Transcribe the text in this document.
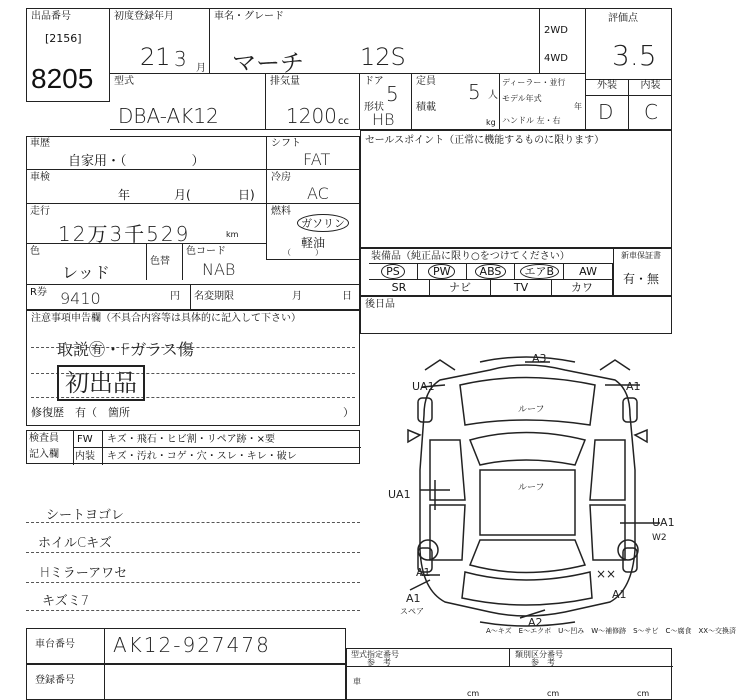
出品番号
[2156]
8205
初度登録年月
21 3 月
車名・グレード
マーチ 12S
2WD
4WD
評価点
3.5
型式
DBA-AK12
排気量
1200 cc
ドア
5
形状
HB
定員 5 人
積載
kg
ディーラー・並行
モデル年式
年
ハンドル 左・右
外装	内装
D C
車歴
自家用・（　　　　　）
シフト
FAT
車検
年	月(	日)
冷房
AC
走行
12万3千529	km
燃料
ガソリン
軽油
（　　　）
色
レッド
色替
色コード
NAB
R券 9410	円 名変期限	月	日
セールスポイント（正常に機能するものに限ります）
装備品（純正品に限り○をつけてください）	新車保証書
有・無
PS	PW	ABS	エアB	AW
SR	ナビ	TV	カワ
後日品
注意事項申告欄（不具合内容等は具体的に記入して下さい）
取説㊒・Fガラス傷
初出品
修復歴　有（　箇所	）
検査員
記入欄
FW キズ・飛石・ヒビ割・リペア跡・×要
内装 キズ・汚れ・コゲ・穴・スレ・キレ・破レ
シートヨゴレ
ホイルCキズ
Hミラーアワセ
キズミ7
A3
UA1	A1
A1
UA1
UA1
W2
A1	A1
A2
スペア
ルーフ
ルーフ
××
A～キズ　E～エクボ　U～凹み　W～補修跡　S～サビ　C～腐食　XX～交換済
車台番号 AK12-927478
登録番号
型式指定番号
参　考
類別区分番号
参　考
車
cm	cm	cm
